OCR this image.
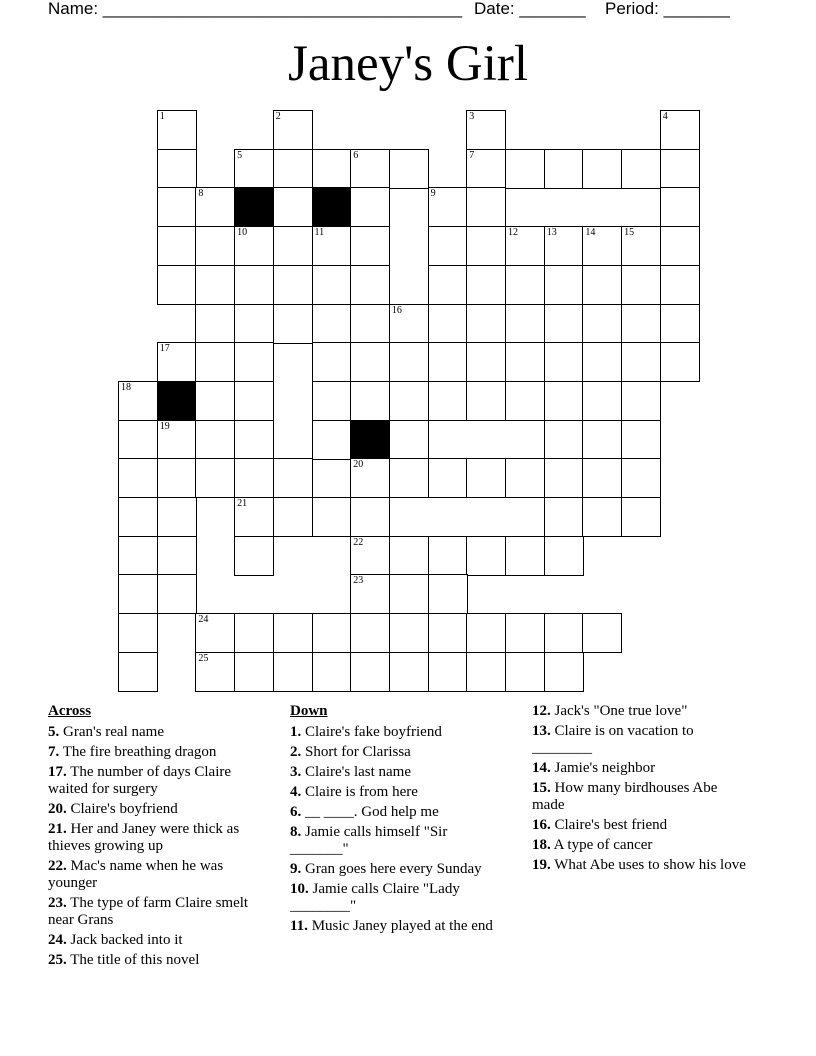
Name: ______________________________________ Date: _______ Period: _______
Janey's Girl
1	2	3	4
5	6	7
8	9
10	11	12	13	14	15
16
17
18
19
20
21
22
23
24
25
Across
5. Gran's real name
7. The fire breathing dragon
17. The number of days Claire waited for surgery
20. Claire's boyfriend
21. Her and Janey were thick as thieves growing up
22. Mac's name when he was younger
23. The type of farm Claire smelt near Grans
24. Jack backed into it
25. The title of this novel
Down
1. Claire's fake boyfriend
2. Short for Clarissa
3. Claire's last name
4. Claire is from here
6. __ ____. God help me
8. Jamie calls himself "Sir _______"
9. Gran goes here every Sunday
10. Jamie calls Claire "Lady ________"
11. Music Janey played at the end
12. Jack's "One true love"
13. Claire is on vacation to ________
14. Jamie's neighbor
15. How many birdhouses Abe made
16. Claire's best friend
18. A type of cancer
19. What Abe uses to show his love
